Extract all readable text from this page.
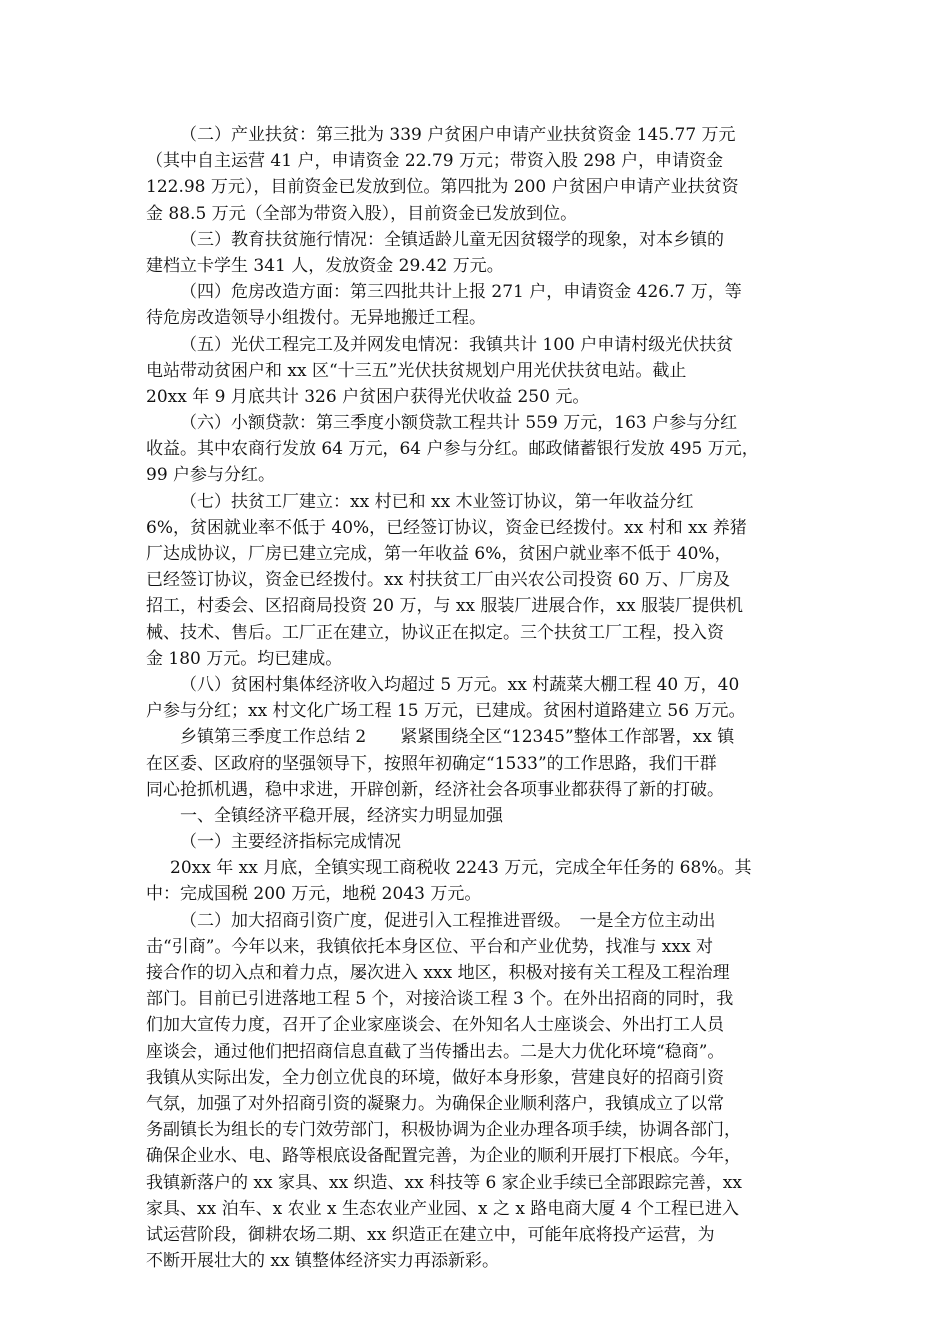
（二）产业扶贫：第三批为 339 户贫困户申请产业扶贫资金 145.77 万元
（其中自主运营 41 户，申请资金 22.79 万元；带资入股 298 户，申请资金
122.98 万元），目前资金已发放到位。第四批为 200 户贫困户申请产业扶贫资
金 88.5 万元（全部为带资入股），目前资金已发放到位。
（三）教育扶贫施行情况：全镇适龄儿童无因贫辍学的现象，对本乡镇的
建档立卡学生 341 人，发放资金 29.42 万元。
（四）危房改造方面：第三四批共计上报 271 户，申请资金 426.7 万，等
待危房改造领导小组拨付。无异地搬迁工程。
（五）光伏工程完工及并网发电情况：我镇共计 100 户申请村级光伏扶贫
电站带动贫困户和 xx 区“十三五”光伏扶贫规划户用光伏扶贫电站。截止
20xx 年 9 月底共计 326 户贫困户获得光伏收益 250 元。
（六）小额贷款：第三季度小额贷款工程共计 559 万元，163 户参与分红
收益。其中农商行发放 64 万元，64 户参与分红。邮政储蓄银行发放 495 万元，
99 户参与分红。
（七）扶贫工厂建立：xx 村已和 xx 木业签订协议，第一年收益分红
6%，贫困就业率不低于 40%，已经签订协议，资金已经拨付。xx 村和 xx 养猪
厂达成协议，厂房已建立完成，第一年收益 6%，贫困户就业率不低于 40%，
已经签订协议，资金已经拨付。xx 村扶贫工厂由兴农公司投资 60 万、厂房及
招工，村委会、区招商局投资 20 万，与 xx 服装厂进展合作，xx 服装厂提供机
械、技术、售后。工厂正在建立，协议正在拟定。三个扶贫工厂工程，投入资
金 180 万元。均已建成。
（八）贫困村集体经济收入均超过 5 万元。xx 村蔬菜大棚工程 40 万，40
户参与分红；xx 村文化广场工程 15 万元，已建成。贫困村道路建立 56 万元。
乡镇第三季度工作总结 2　　紧紧围绕全区“12345”整体工作部署，xx 镇
在区委、区政府的坚强领导下，按照年初确定“1533”的工作思路，我们干群
同心抢抓机遇，稳中求进，开辟创新，经济社会各项事业都获得了新的打破。
一、全镇经济平稳开展，经济实力明显加强
（一）主要经济指标完成情况
20xx 年 xx 月底，全镇实现工商税收 2243 万元，完成全年任务的 68%。其
中：完成国税 200 万元，地税 2043 万元。
（二）加大招商引资广度，促进引入工程推进晋级。　一是全方位主动出
击“引商”。今年以来，我镇依托本身区位、平台和产业优势，找准与 xxx 对
接合作的切入点和着力点，屡次进入 xxx 地区，积极对接有关工程及工程治理
部门。目前已引进落地工程 5 个，对接洽谈工程 3 个。在外出招商的同时，我
们加大宣传力度，召开了企业家座谈会、在外知名人士座谈会、外出打工人员
座谈会，通过他们把招商信息直截了当传播出去。二是大力优化环境“稳商”。
我镇从实际出发，全力创立优良的环境，做好本身形象，营建良好的招商引资
气氛，加强了对外招商引资的凝聚力。为确保企业顺利落户，我镇成立了以常
务副镇长为组长的专门效劳部门，积极协调为企业办理各项手续，协调各部门，
确保企业水、电、路等根底设备配置完善，为企业的顺利开展打下根底。今年，
我镇新落户的 xx 家具、xx 织造、xx 科技等 6 家企业手续已全部跟踪完善，xx
家具、xx 泊车、x 农业 x 生态农业产业园、x 之 x 路电商大厦 4 个工程已进入
试运营阶段，御耕农场二期、xx 织造正在建立中，可能年底将投产运营，为
不断开展壮大的 xx 镇整体经济实力再添新彩。
